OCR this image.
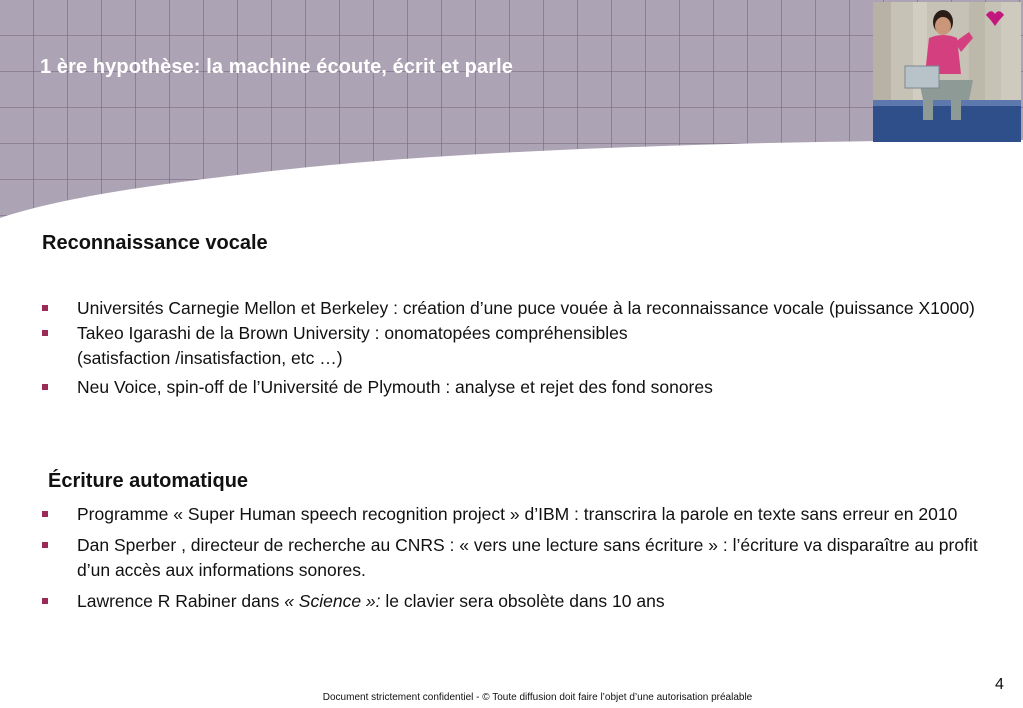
1 ère hypothèse: la machine écoute, écrit et parle
Reconnaissance vocale
Universités Carnegie Mellon et Berkeley : création d’une puce vouée à la reconnaissance vocale (puissance X1000)
Takeo Igarashi de la Brown University : onomatopées compréhensibles
(satisfaction /insatisfaction, etc …)
Neu Voice, spin-off de l’Université de Plymouth : analyse et rejet des fond sonores
Écriture automatique
Programme « Super Human speech recognition project » d’IBM : transcrira la parole en texte sans erreur en 2010
Dan Sperber , directeur de recherche au CNRS : « vers une lecture sans écriture » : l’écriture va disparaître au profit d’un accès aux informations sonores.
Lawrence R Rabiner dans « Science »: le clavier sera obsolète dans 10 ans
4
Document strictement confidentiel - © Toute diffusion doit faire l’objet d’une autorisation préalable
